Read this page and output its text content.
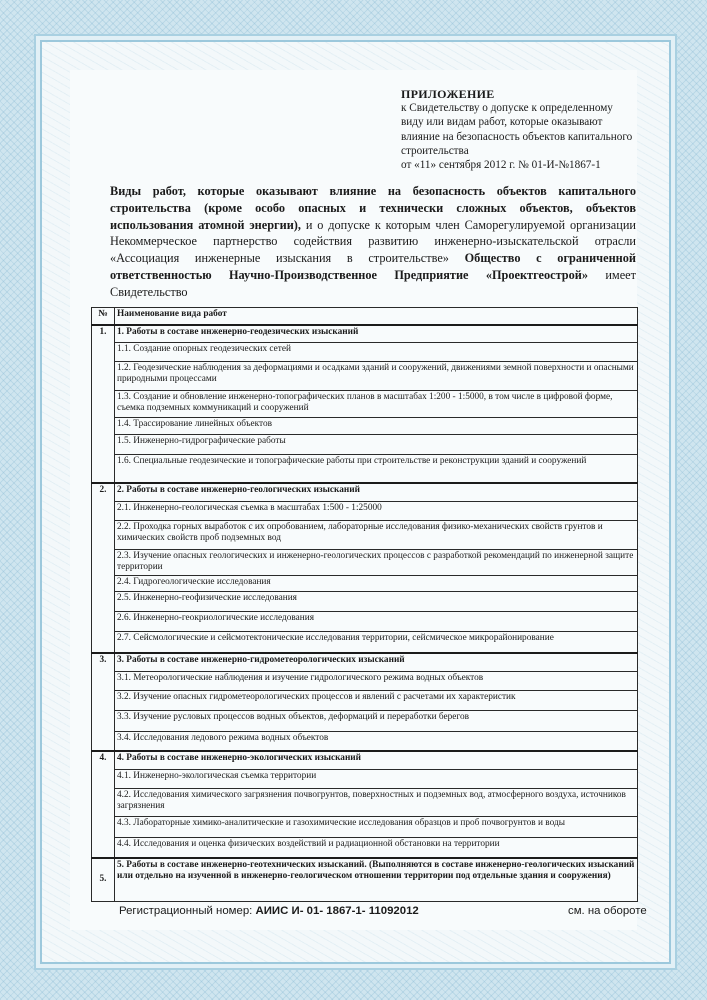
ПРИЛОЖЕНИЕ
к Свидетельству о допуске к определенному
виду или видам работ, которые оказывают
влияние на безопасность объектов капитального
строительства
от «11» сентября 2012 г. № 01-И-№1867-1
Виды работ, которые оказывают влияние на безопасность объектов капитального строительства (кроме особо опасных и технически сложных объектов, объектов использования атомной энергии), и о допуске к которым член Саморегулируемой организации Некоммерческое партнерство содействия развитию инженерно-изыскательской отрасли «Ассоциация инженерные изыскания в строительстве» Общество с ограниченной ответственностью Научно-Производственное Предприятие «Проектгеострой» имеет Свидетельство
№	Наименование вида работ
1.	1. Работы в составе инженерно-геодезических изысканий
	1.1. Создание опорных геодезических сетей
	1.2. Геодезические наблюдения за деформациями и осадками зданий и сооружений, движениями земной поверхности и опасными природными процессами
	1.3. Создание и обновление инженерно-топографических планов в масштабах 1:200 - 1:5000, в том числе в цифровой форме, съемка подземных коммуникаций и сооружений
	1.4. Трассирование линейных объектов
	1.5. Инженерно-гидрографические работы
	1.6. Специальные геодезические и топографические работы при строительстве и реконструкции зданий и сооружений
2.	2. Работы в составе инженерно-геологических изысканий
	2.1. Инженерно-геологическая съемка в масштабах 1:500 - 1:25000
	2.2. Проходка горных выработок с их опробованием, лабораторные исследования физико-механических свойств грунтов и химических свойств проб подземных вод
	2.3. Изучение опасных геологических и инженерно-геологических процессов с разработкой рекомендаций по инженерной защите территории
	2.4. Гидрогеологические исследования
	2.5. Инженерно-геофизические исследования
	2.6. Инженерно-геокриологические исследования
	2.7. Сейсмологические и сейсмотектонические исследования территории, сейсмическое микрорайонирование
3.	3. Работы в составе инженерно-гидрометеорологических изысканий
	3.1. Метеорологические наблюдения и изучение гидрологического режима водных объектов
	3.2. Изучение опасных гидрометеорологических процессов и явлений с расчетами их характеристик
	3.3. Изучение русловых процессов водных объектов, деформаций и переработки берегов
	3.4. Исследования ледового режима водных объектов
4.	4. Работы в составе инженерно-экологических изысканий
	4.1. Инженерно-экологическая съемка территории
	4.2. Исследования химического загрязнения почвогрунтов, поверхностных и подземных вод, атмосферного воздуха, источников загрязнения
	4.3. Лабораторные химико-аналитические и газохимические исследования образцов и проб почвогрунтов и воды
	4.4. Исследования и оценка физических воздействий и радиационной обстановки на территории
5.	5. Работы в составе инженерно-геотехнических изысканий. (Выполняются в составе инженерно-геологических изысканий или отдельно на изученной в инженерно-геологическом отношении территории под отдельные здания и сооружения)
Регистрационный номер: АИИС И- 01- 1867-1- 11092012	см. на обороте
